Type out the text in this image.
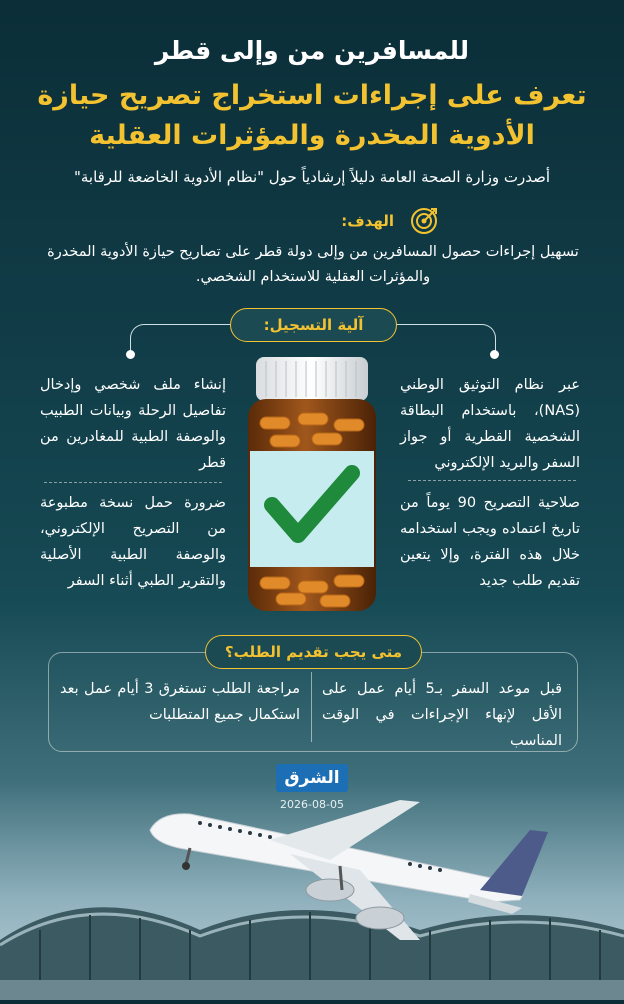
للمسافرين من وإلى قطر
تعرف على إجراءات استخراج تصريح حيازة
الأدوية المخدرة والمؤثرات العقلية
أصدرت وزارة الصحة العامة دليلاً إرشادياً حول "نظام الأدوية الخاضعة للرقابة"
الهدف:
تسهيل إجراءات حصول المسافرين من وإلى دولة قطر على تصاريح حيازة الأدوية المخدرة والمؤثرات العقلية للاستخدام الشخصي.
آلية التسجيل:
عبر نظام التوثيق الوطني (NAS)، باستخدام البطاقة الشخصية القطرية أو جواز السفر والبريد الإلكتروني
صلاحية التصريح 90 يوماً من تاريخ اعتماده ويجب استخدامه خلال هذه الفترة، وإلا يتعين تقديم طلب جديد
إنشاء ملف شخصي وإدخال تفاصيل الرحلة وبيانات الطبيب والوصفة الطبية للمغادرين من قطر
ضرورة حمل نسخة مطبوعة من التصريح الإلكتروني، والوصفة الطبية الأصلية والتقرير الطبي أثناء السفر
متى يجب تقديم الطلب؟
قبل موعد السفر بـ5 أيام عمل على الأقل لإنهاء الإجراءات في الوقت المناسب
مراجعة الطلب تستغرق 3 أيام عمل بعد استكمال جميع المتطلبات
الشرق
2026-08-05
